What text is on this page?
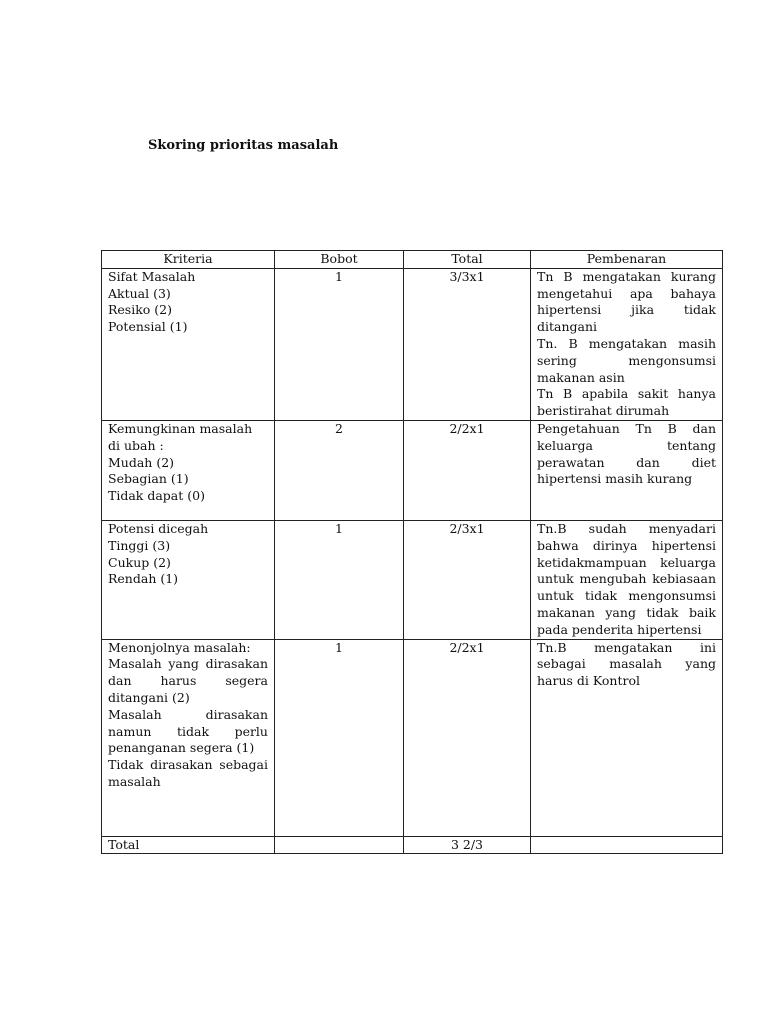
Skoring prioritas masalah
Kriteria	Bobot	Total	Pembenaran

Sifat Masalah
Aktual (3)
Resiko (2)
Potensial (1)	1	3/3x1	Tn B mengatakan kurang mengetahui apa bahaya hipertensi jika tidak ditangani
Tn. B mengatakan masih sering mengonsumsi makanan asin
Tn B apabila sakit hanya beristirahat dirumah

Kemungkinan masalah di ubah :
Mudah (2)
Sebagian (1)
Tidak dapat (0)	2	2/2x1	Pengetahuan Tn B dan keluarga tentang perawatan dan diet hipertensi masih kurang

Potensi dicegah
Tinggi (3)
Cukup (2)
Rendah (1)	1	2/3x1	Tn.B sudah menyadari bahwa dirinya hipertensi ketidakmampuan keluarga untuk mengubah kebiasaan untuk tidak mengonsumsi makanan yang tidak baik pada penderita hipertensi

Menonjolnya masalah:
Masalah yang dirasakan dan harus segera ditangani (2)
Masalah dirasakan namun tidak perlu penanganan segera (1)
Tidak dirasakan sebagai masalah	1	2/2x1	Tn.B mengatakan ini sebagai masalah yang harus di Kontrol

Total		3 2/3	
